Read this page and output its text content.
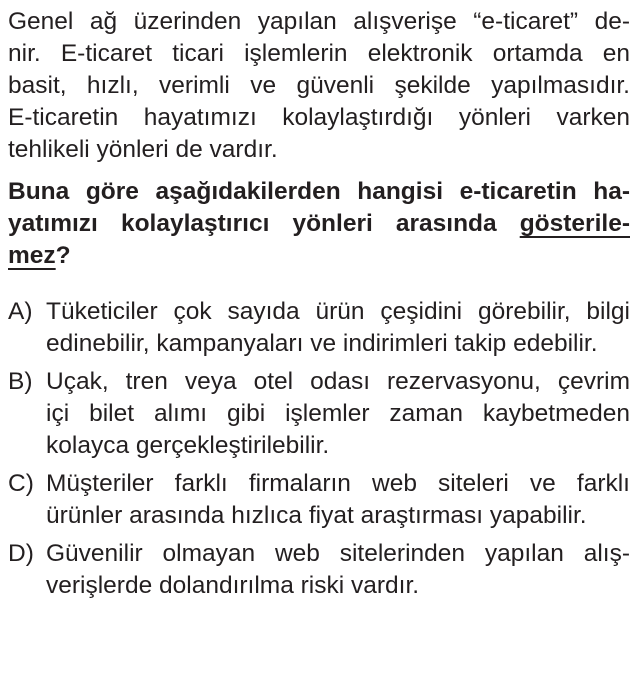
Genel ağ üzerinden yapılan alışverişe “e-ticaret” de-
nir. E-ticaret ticari işlemlerin elektronik ortamda en
basit, hızlı, verimli ve güvenli şekilde yapılmasıdır.
E-ticaretin hayatımızı kolaylaştırdığı yönleri varken
tehlikeli yönleri de vardır.
Buna göre aşağıdakilerden hangisi e-ticaretin ha-
yatımızı kolaylaştırıcı yönleri arasında gösterile-
mez?
A) Tüketiciler çok sayıda ürün çeşidini görebilir, bilgi
edinebilir, kampanyaları ve indirimleri takip edebilir.
B) Uçak, tren veya otel odası rezervasyonu, çevrim
içi bilet alımı gibi işlemler zaman kaybetmeden
kolayca gerçekleştirilebilir.
C) Müşteriler farklı firmaların web siteleri ve farklı
ürünler arasında hızlıca fiyat araştırması yapabilir.
D) Güvenilir olmayan web sitelerinden yapılan alış-
verişlerde dolandırılma riski vardır.
